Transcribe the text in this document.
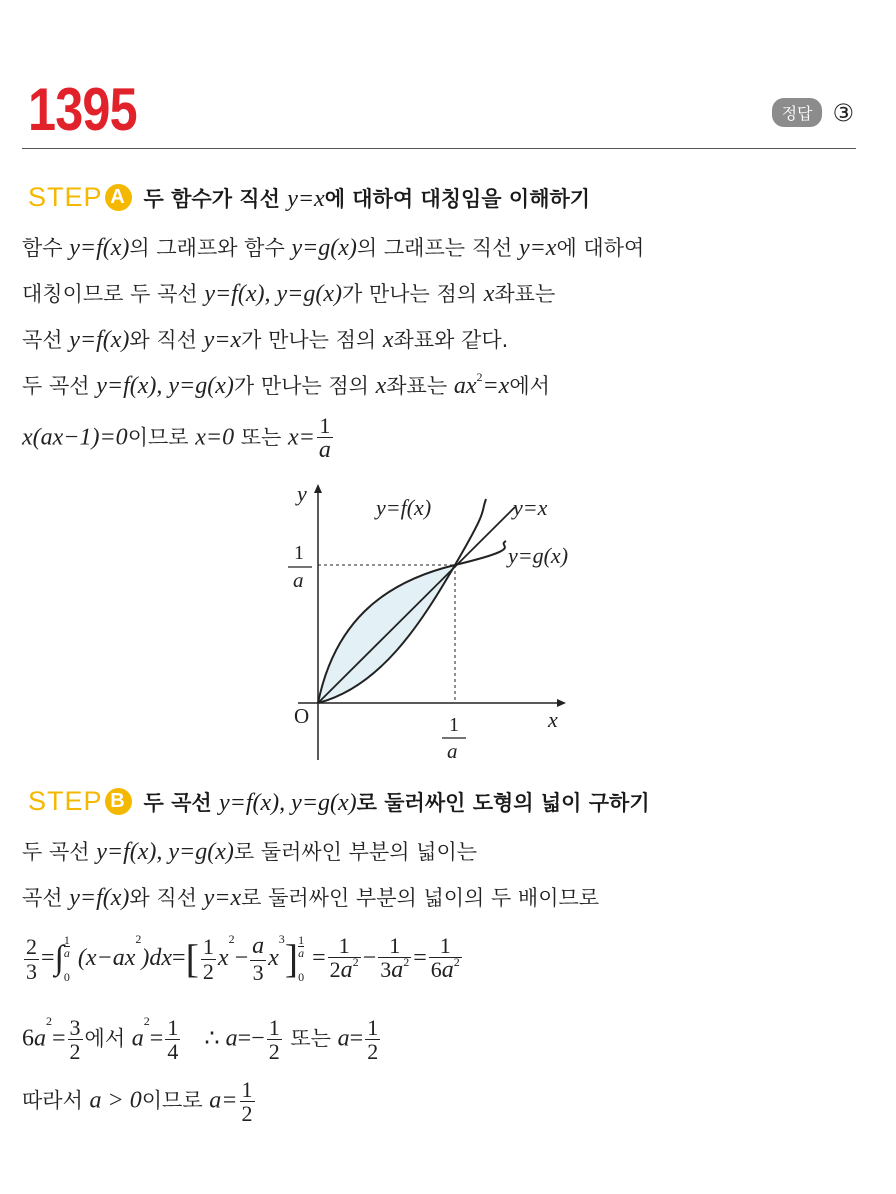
1395	정답 ③
STEP A 두 함수가 직선 y=x에 대하여 대칭임을 이해하기
함수 y=f(x)의 그래프와 함수 y=g(x)의 그래프는 직선 y=x에 대하여
대칭이므로 두 곡선 y=f(x), y=g(x)가 만나는 점의 x좌표는
곡선 y=f(x)와 직선 y=x가 만나는 점의 x좌표와 같다.
두 곡선 y=f(x), y=g(x)가 만나는 점의 x좌표는 $ax^2=x$에서
x(ax−1)=0이므로 x=0 또는 $x= \frac{1}{a}$
y
x
O
y=f(x)	y=x
y=g(x)
1
a
1
a
STEP B 두 곡선 y=f(x), y=g(x)로 둘러싸인 도형의 넓이 구하기
두 곡선 y=f(x), y=g(x)로 둘러싸인 부분의 넓이는
곡선 y=f(x)와 직선 y=x로 둘러싸인 부분의 넓이의 두 배이므로
$\frac{2}{3}$ =∫ 1
a
0
$(x-ax^2)dx=[ \frac{1}{2} x^2- \frac{a}{3} x^3]$ 1
a
0
= $\frac{1}{2a^2} - \frac{1}{3a^2} = \frac{1}{6a^2}$
$6a^2= \frac{3}{2}$ 에서 $a^2= \frac{1}{4}$ ∴ $a=- \frac{1}{2}$ 또는 $a= \frac{1}{2}$
따라서 a > 0이므로 $a= \frac{1}{2}$
